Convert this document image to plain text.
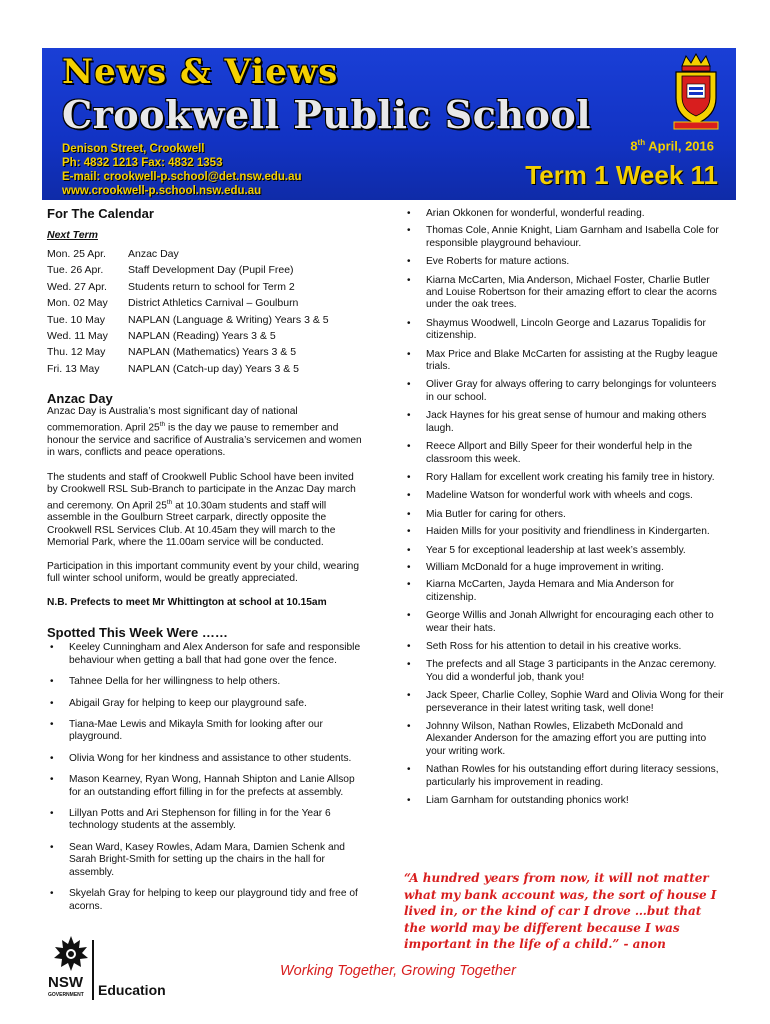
News & Views
Crookwell Public School
Denison Street, Crookwell
Ph: 4832 1213 Fax: 4832 1353
E-mail: crookwell-p.school@det.nsw.edu.au
www.crookwell-p.school.nsw.edu.au
8th April, 2016
Term 1 Week 11
For The Calendar
Next Term
Mon. 25 Apr.	Anzac Day
Tue. 26 Apr.	Staff Development Day (Pupil Free)
Wed. 27 Apr.	Students return to school for Term 2
Mon. 02 May	District Athletics Carnival – Goulburn
Tue. 10 May	NAPLAN (Language & Writing) Years 3 & 5
Wed. 11 May	NAPLAN (Reading) Years 3 & 5
Thu. 12 May	NAPLAN (Mathematics) Years 3 & 5
Fri. 13 May	NAPLAN (Catch-up day) Years 3 & 5
Anzac Day

Anzac Day is Australia’s most significant day of national commemoration. April 25th is the day we pause to remember and honour the service and sacrifice of Australia’s servicemen and women in wars, conflicts and peace operations.

The students and staff of Crookwell Public School have been invited by Crookwell RSL Sub-Branch to participate in the Anzac Day march and ceremony. On April 25th at 10.30am students and staff will assemble in the Goulburn Street carpark, directly opposite the Crookwell RSL Services Club. At 10.45am they will march to the Memorial Park, where the 11.00am service will be conducted.

Participation in this important community event by your child, wearing full winter school uniform, would be greatly appreciated.

N.B. Prefects to meet Mr Whittington at school at 10.15am

Spotted This Week Were ……
• Keeley Cunningham and Alex Anderson for safe and responsible behaviour when getting a ball that had gone over the fence.
• Tahnee Della for her willingness to help others.
• Abigail Gray for helping to keep our playground safe.
• Tiana-Mae Lewis and Mikayla Smith for looking after our playground.
• Olivia Wong for her kindness and assistance to other students.
• Mason Kearney, Ryan Wong, Hannah Shipton and Lanie Allsop for an outstanding effort filling in for the prefects at assembly.
• Lillyan Potts and Ari Stephenson for filling in for the Year 6 technology students at the assembly.
• Sean Ward, Kasey Rowles, Adam Mara, Damien Schenk and Sarah Bright-Smith for setting up the chairs in the hall for assembly.
• Skyelah Gray for helping to keep our playground tidy and free of acorns.
• Arian Okkonen for wonderful, wonderful reading.
• Thomas Cole, Annie Knight, Liam Garnham and Isabella Cole for responsible playground behaviour.
• Eve Roberts for mature actions.
• Kiarna McCarten, Mia Anderson, Michael Foster, Charlie Butler and Louise Robertson for their amazing effort to clear the acorns under the oak trees.
• Shaymus Woodwell, Lincoln George and Lazarus Topalidis for citizenship.
• Max Price and Blake McCarten for assisting at the Rugby league trials.
• Oliver Gray for always offering to carry belongings for volunteers in our school.
• Jack Haynes for his great sense of humour and making others laugh.
• Reece Allport and Billy Speer for their wonderful help in the classroom this week.
• Rory Hallam for excellent work creating his family tree in history.
• Madeline Watson for wonderful work with wheels and cogs.
• Mia Butler for caring for others.
• Haiden Mills for your positivity and friendliness in Kindergarten.
• Year 5 for exceptional leadership at last week’s assembly.
• William McDonald for a huge improvement in writing.
• Kiarna McCarten, Jayda Hemara and Mia Anderson for citizenship.
• George Willis and Jonah Allwright for encouraging each other to wear their hats.
• Seth Ross for his attention to detail in his creative works.
• The prefects and all Stage 3 participants in the Anzac ceremony. You did a wonderful job, thank you!
• Jack Speer, Charlie Colley, Sophie Ward and Olivia Wong for their perseverance in their latest writing task, well done!
• Johnny Wilson, Nathan Rowles, Elizabeth McDonald and Alexander Anderson for the amazing effort you are putting into your writing work.
• Nathan Rowles for his outstanding effort during literacy sessions, particularly his improvement in reading.
• Liam Garnham for outstanding phonics work!
“A hundred years from now, it will not matter what my bank account was, the sort of house I lived in, or the kind of car I drove …but that the world may be different because I was important in the life of a child.” - anon
NSW
GOVERNMENT Education
Working Together, Growing Together
